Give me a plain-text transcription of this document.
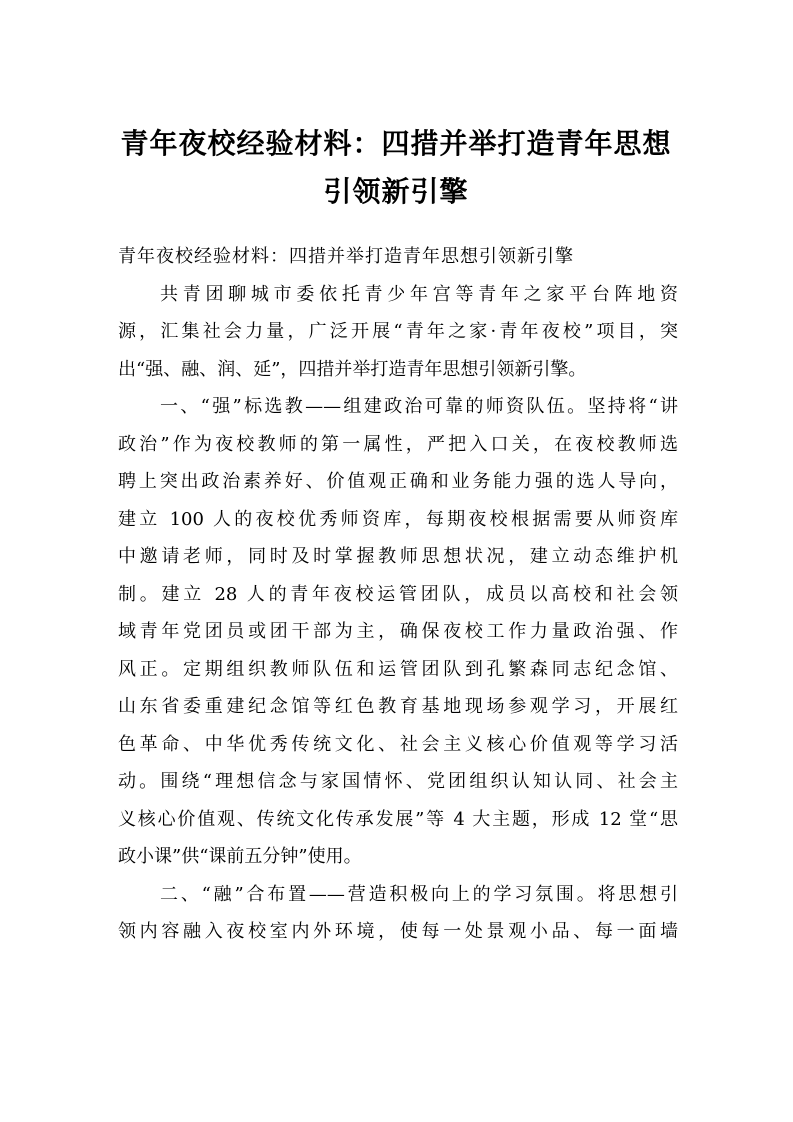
青年夜校经验材料：四措并举打造青年思想
引领新引擎

青年夜校经验材料：四措并举打造青年思想引领新引擎

共青团聊城市委依托青少年宫等青年之家平台阵地资
源，汇集社会力量，广泛开展“青年之家·青年夜校”项目，突
出“强、融、润、延”，四措并举打造青年思想引领新引擎。

一、“强”标选教——组建政治可靠的师资队伍。坚持将“讲
政治”作为夜校教师的第一属性，严把入口关，在夜校教师选
聘上突出政治素养好、价值观正确和业务能力强的选人导向，
建立 100 人的夜校优秀师资库，每期夜校根据需要从师资库
中邀请老师，同时及时掌握教师思想状况，建立动态维护机
制。建立 28 人的青年夜校运管团队，成员以高校和社会领
域青年党团员或团干部为主，确保夜校工作力量政治强、作
风正。定期组织教师队伍和运管团队到孔繁森同志纪念馆、
山东省委重建纪念馆等红色教育基地现场参观学习，开展红
色革命、中华优秀传统文化、社会主义核心价值观等学习活
动。围绕“理想信念与家国情怀、党团组织认知认同、社会主
义核心价值观、传统文化传承发展”等 4 大主题，形成 12 堂“思
政小课”供“课前五分钟”使用。

二、“融”合布置——营造积极向上的学习氛围。将思想引
领内容融入夜校室内外环境，使每一处景观小品、每一面墙
